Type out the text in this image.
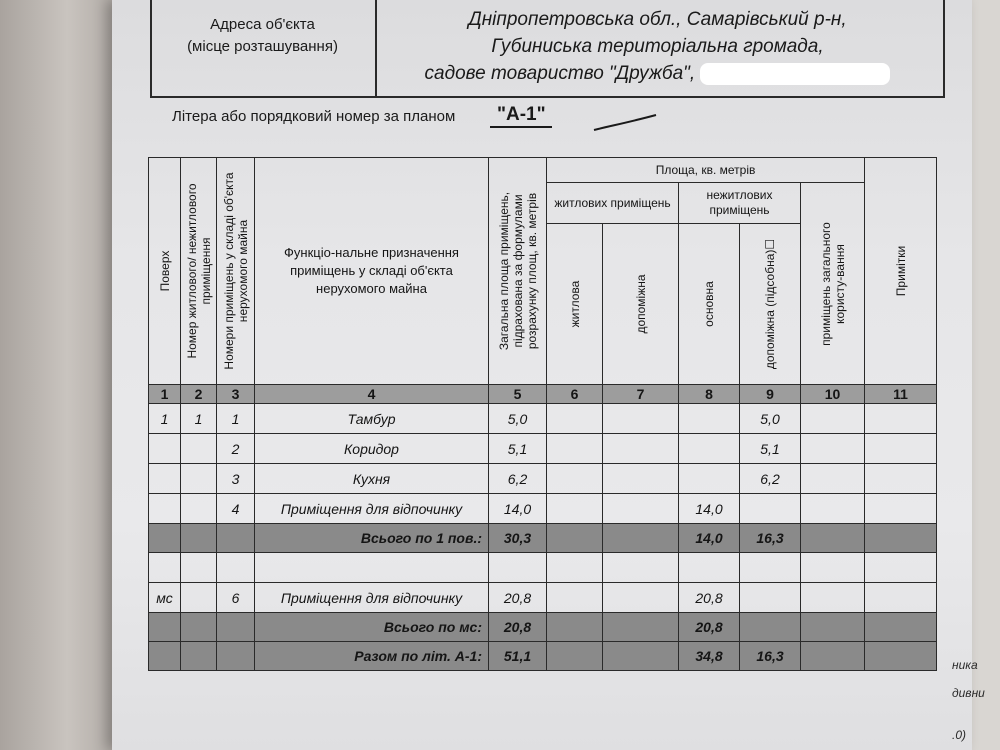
Адреса об'єкта
(місце розташування)
Дніпропетровська обл., Самарівський р-н,
Губиниська територіальна громада,
садове товариство "Дружба",
Літера або порядковий номер за планом "А-1"
Поверх	Номер житлового/ нежитлового приміщення	Номери приміщень у складі об'єкта нерухомого майна	Функціо-нальне призначення приміщень у складі об'єкта нерухомого майна	Загальна площа приміщень, підрахована за формулами розрахунку площ, кв. метрів	Площа, кв. метрів					Примітки

					житлових приміщень		нежитлових приміщень		приміщень загального користу-вання	

					житлова	допоміжна	основна	допоміжна (підсобна)☐		

1	2	3	4	5	6	7	8	9	10	11
1	1	1	Тамбур	5,0				5,0		
		2	Коридор	5,1				5,1		
		3	Кухня	6,2				6,2		
		4	Приміщення для відпочинку	14,0			14,0			
			Всього по 1 пов.:	30,3			14,0	16,3		

мс		6	Приміщення для відпочинку	20,8			20,8			
			Всього по мс:	20,8			20,8			
			Разом по літ. А-1:	51,1			34,8	16,3		
ника
дивни
.0)
